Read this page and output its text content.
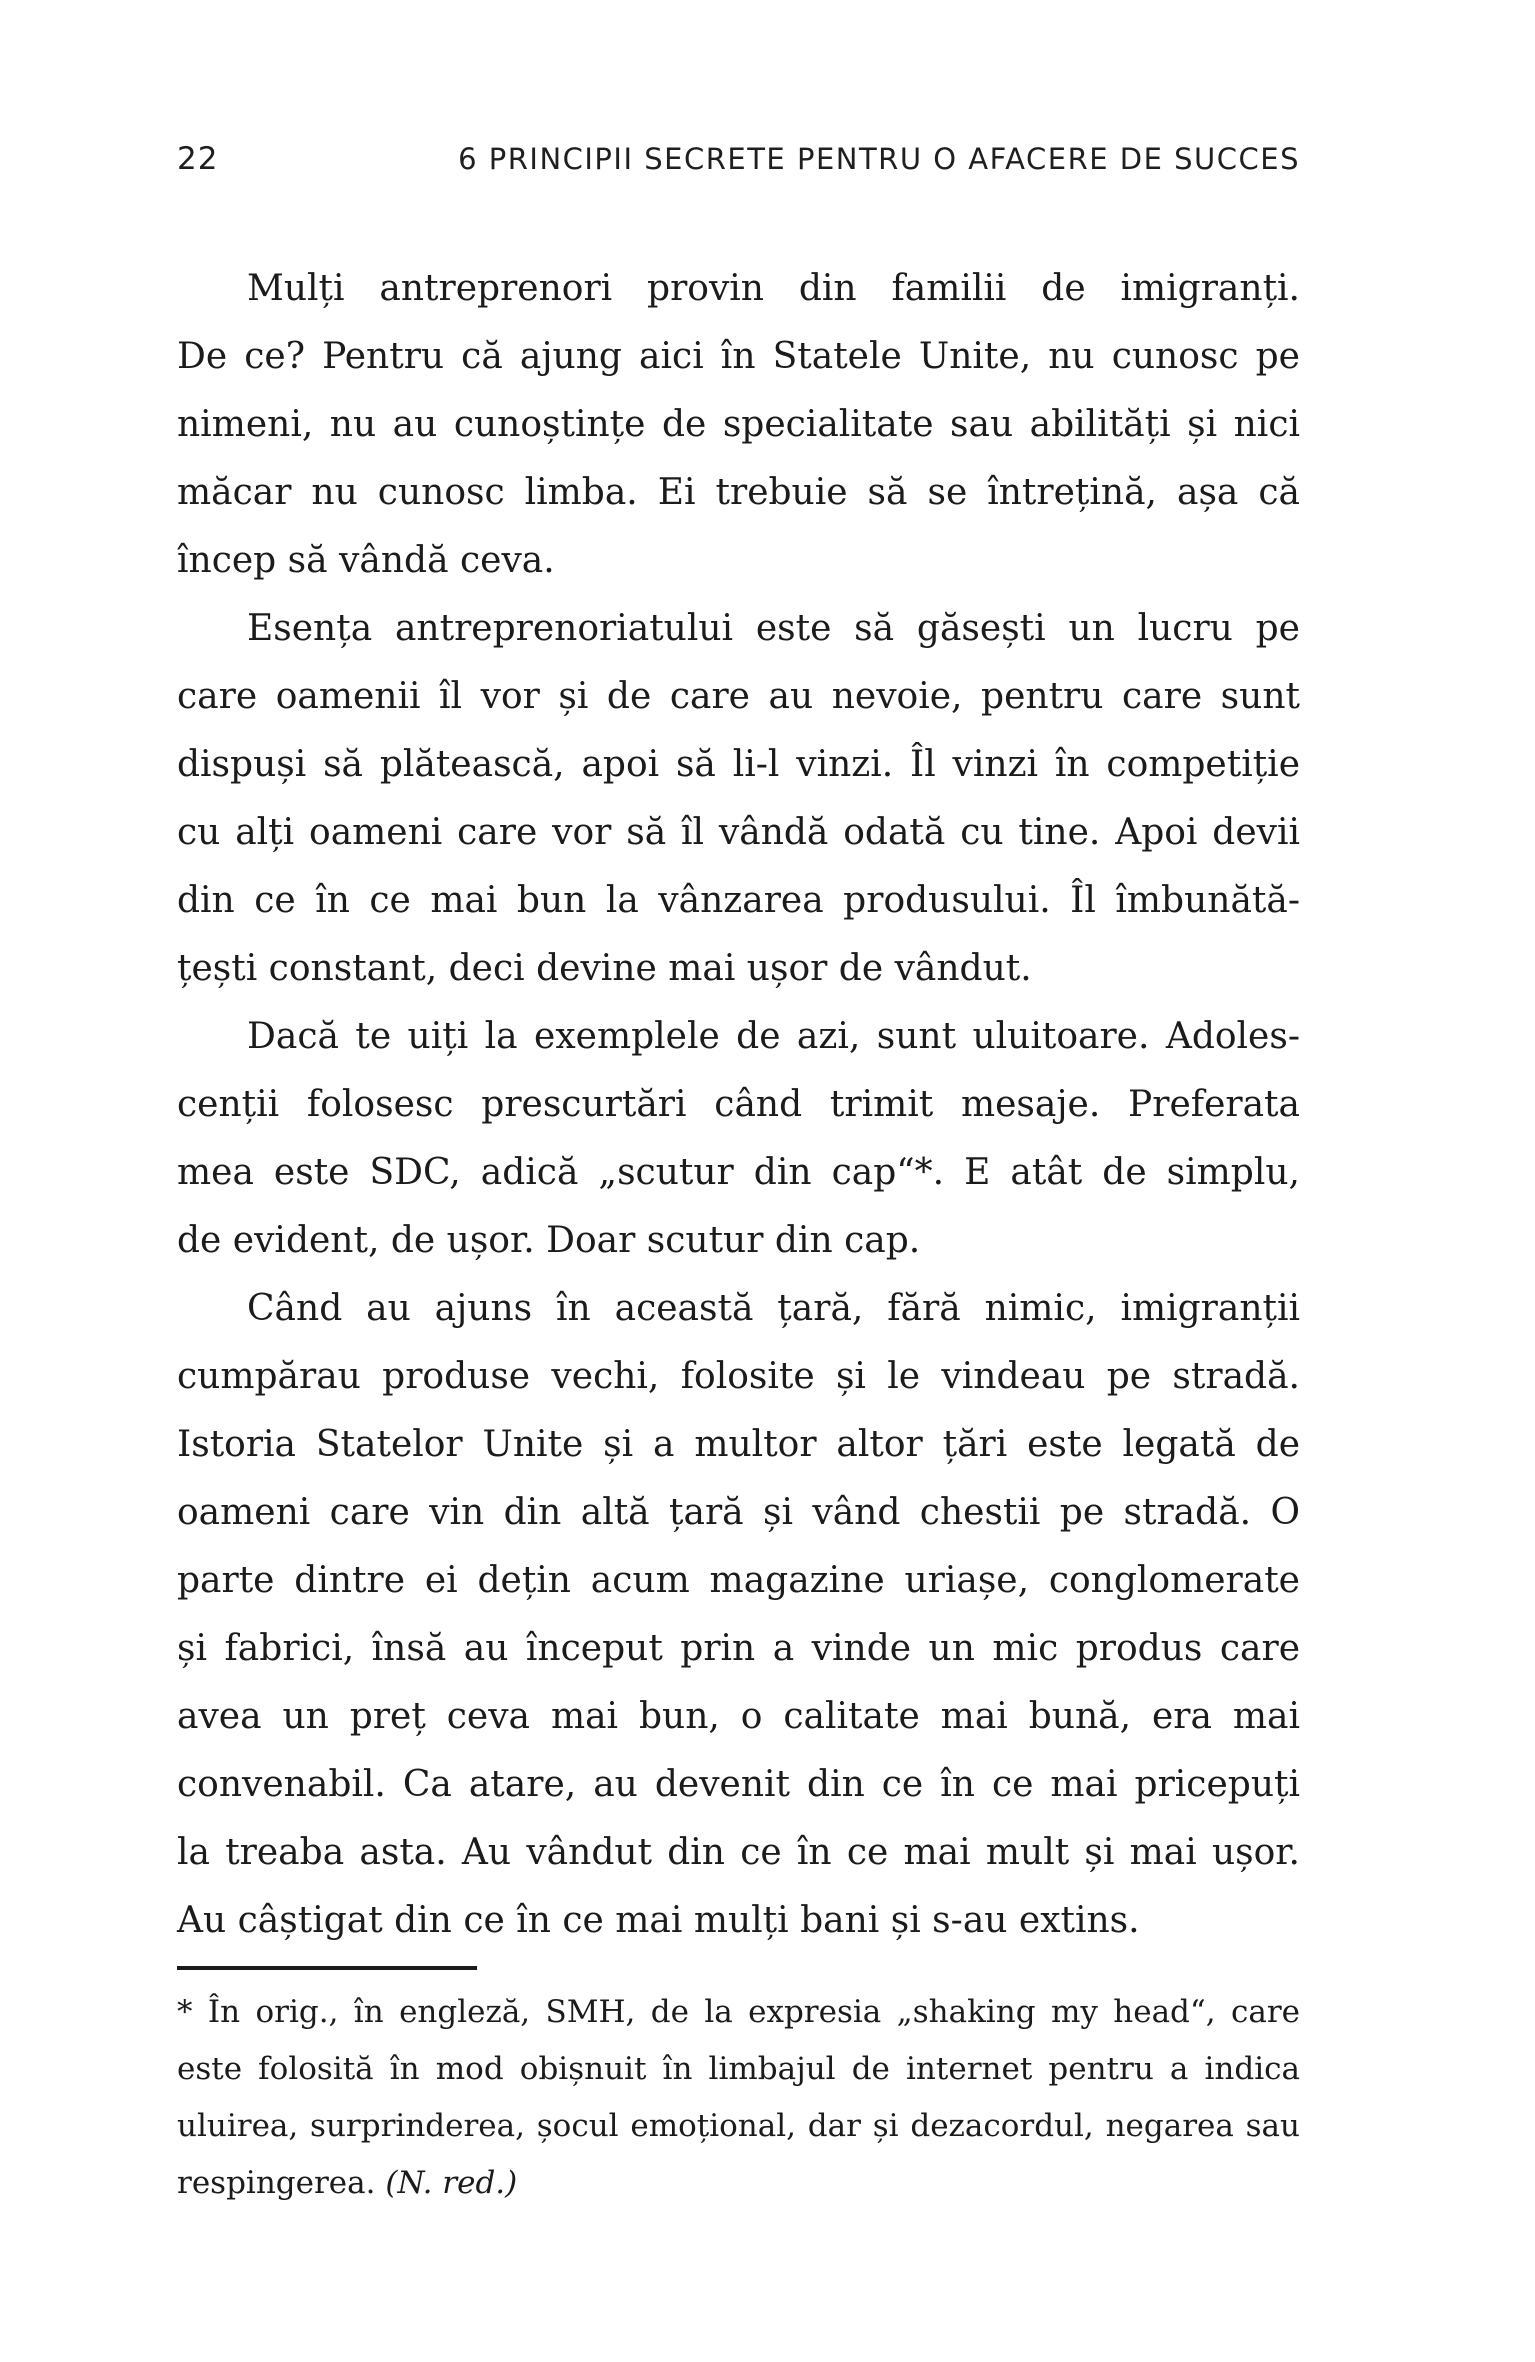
22	6 PRINCIPII SECRETE PENTRU O AFACERE DE SUCCES
Mulți antreprenori provin din familii de imigranți.
De ce? Pentru că ajung aici în Statele Unite, nu cunosc pe
nimeni, nu au cunoștințe de specialitate sau abilități și nici
măcar nu cunosc limba. Ei trebuie să se întrețină, așa că
încep să vândă ceva.
Esența antreprenoriatului este să găsești un lucru pe
care oamenii îl vor și de care au nevoie, pentru care sunt
dispuși să plătească, apoi să li-l vinzi. Îl vinzi în competiție
cu alți oameni care vor să îl vândă odată cu tine. Apoi devii
din ce în ce mai bun la vânzarea produsului. Îl îmbunătă-
țești constant, deci devine mai ușor de vândut.
Dacă te uiți la exemplele de azi, sunt uluitoare. Adoles-
cenții folosesc prescurtări când trimit mesaje. Preferata
mea este SDC, adică „scutur din cap“*. E atât de simplu,
de evident, de ușor. Doar scutur din cap.
Când au ajuns în această țară, fără nimic, imigranții
cumpărau produse vechi, folosite și le vindeau pe stradă.
Istoria Statelor Unite și a multor altor țări este legată de
oameni care vin din altă țară și vând chestii pe stradă. O
parte dintre ei dețin acum magazine uriașe, conglomerate
și fabrici, însă au început prin a vinde un mic produs care
avea un preț ceva mai bun, o calitate mai bună, era mai
convenabil. Ca atare, au devenit din ce în ce mai pricepuți
la treaba asta. Au vândut din ce în ce mai mult și mai ușor.
Au câștigat din ce în ce mai mulți bani și s-au extins.
* În orig., în engleză, SMH, de la expresia „shaking my head“, care
este folosită în mod obișnuit în limbajul de internet pentru a indica
uluirea, surprinderea, șocul emoțional, dar și dezacordul, negarea sau
respingerea. (N. red.)
